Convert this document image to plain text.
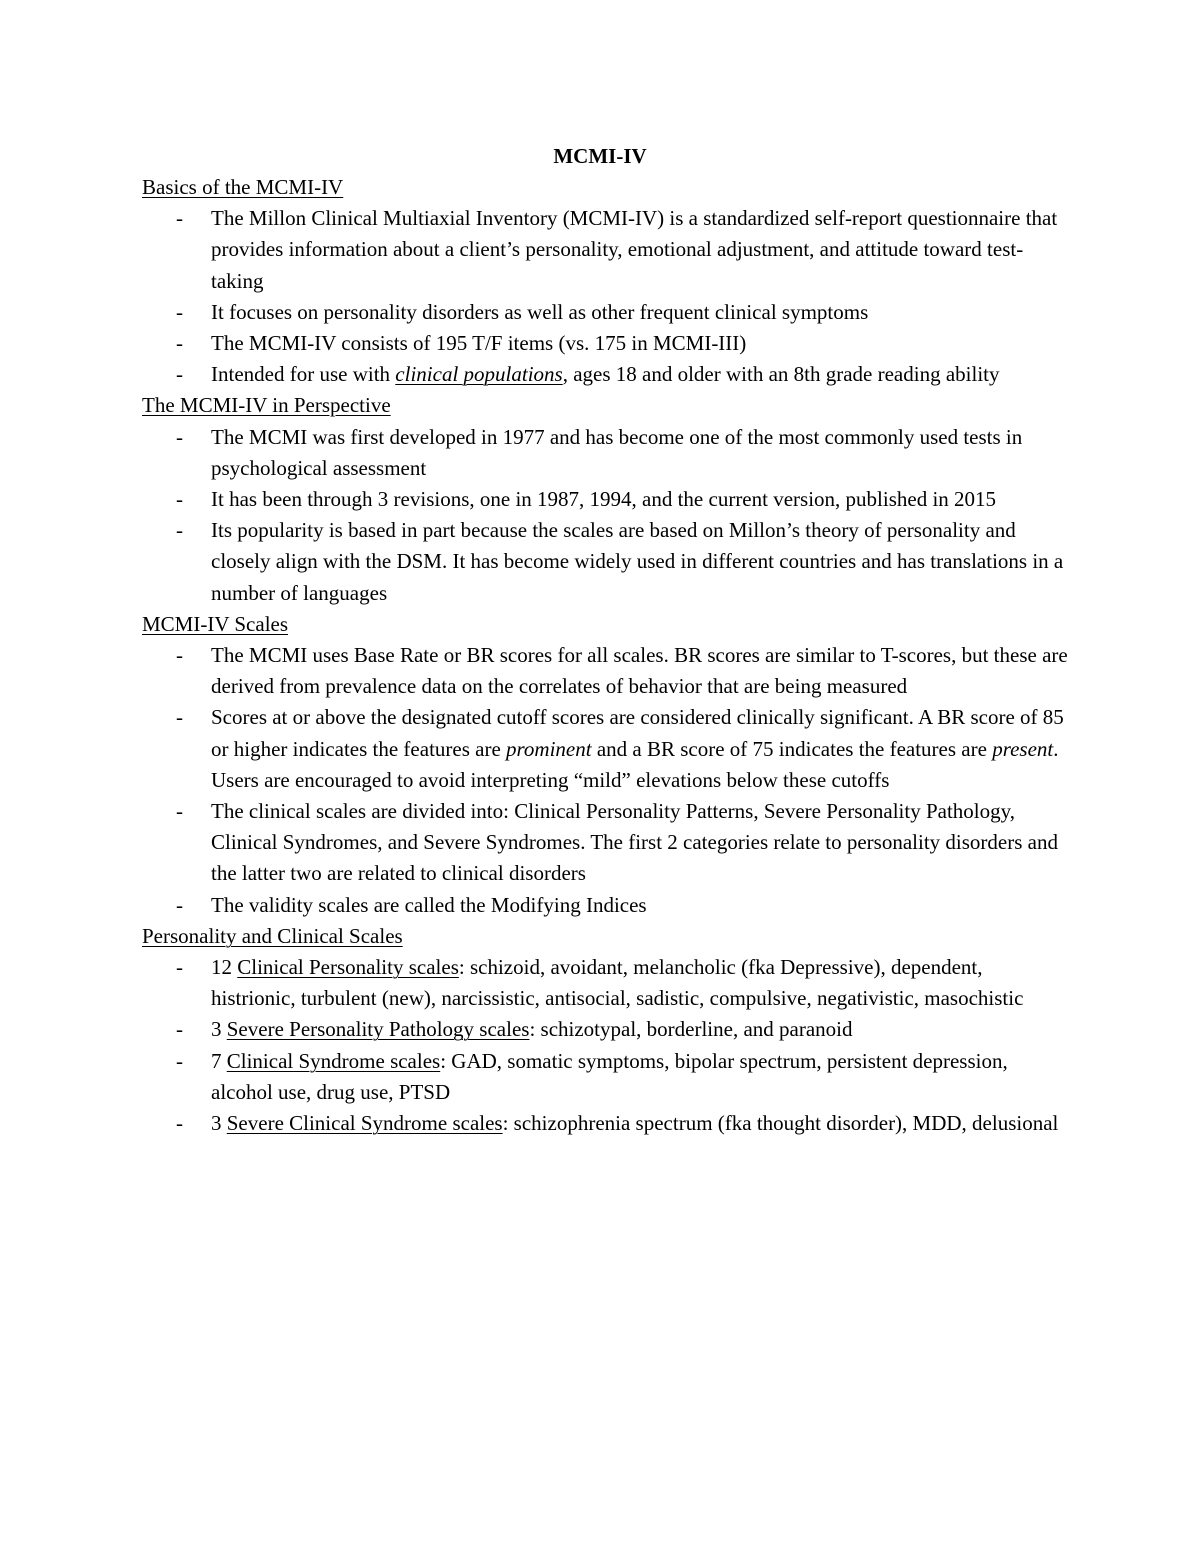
MCMI-IV
Basics of the MCMI-IV
- The Millon Clinical Multiaxial Inventory (MCMI-IV) is a standardized self-report questionnaire that provides information about a client’s personality, emotional adjustment, and attitude toward test-taking
- It focuses on personality disorders as well as other frequent clinical symptoms
- The MCMI-IV consists of 195 T/F items (vs. 175 in MCMI-III)
- Intended for use with clinical populations, ages 18 and older with an 8th grade reading ability
The MCMI-IV in Perspective
- The MCMI was first developed in 1977 and has become one of the most commonly used tests in psychological assessment
- It has been through 3 revisions, one in 1987, 1994, and the current version, published in 2015
- Its popularity is based in part because the scales are based on Millon’s theory of personality and closely align with the DSM. It has become widely used in different countries and has translations in a number of languages
MCMI-IV Scales
- The MCMI uses Base Rate or BR scores for all scales. BR scores are similar to T-scores, but these are derived from prevalence data on the correlates of behavior that are being measured
- Scores at or above the designated cutoff scores are considered clinically significant. A BR score of 85 or higher indicates the features are prominent and a BR score of 75 indicates the features are present. Users are encouraged to avoid interpreting “mild” elevations below these cutoffs
- The clinical scales are divided into: Clinical Personality Patterns, Severe Personality Pathology, Clinical Syndromes, and Severe Syndromes. The first 2 categories relate to personality disorders and the latter two are related to clinical disorders
- The validity scales are called the Modifying Indices
Personality and Clinical Scales
- 12 Clinical Personality scales: schizoid, avoidant, melancholic (fka Depressive), dependent, histrionic, turbulent (new), narcissistic, antisocial, sadistic, compulsive, negativistic, masochistic
- 3 Severe Personality Pathology scales: schizotypal, borderline, and paranoid
- 7 Clinical Syndrome scales: GAD, somatic symptoms, bipolar spectrum, persistent depression, alcohol use, drug use, PTSD
- 3 Severe Clinical Syndrome scales: schizophrenia spectrum (fka thought disorder), MDD, delusional
